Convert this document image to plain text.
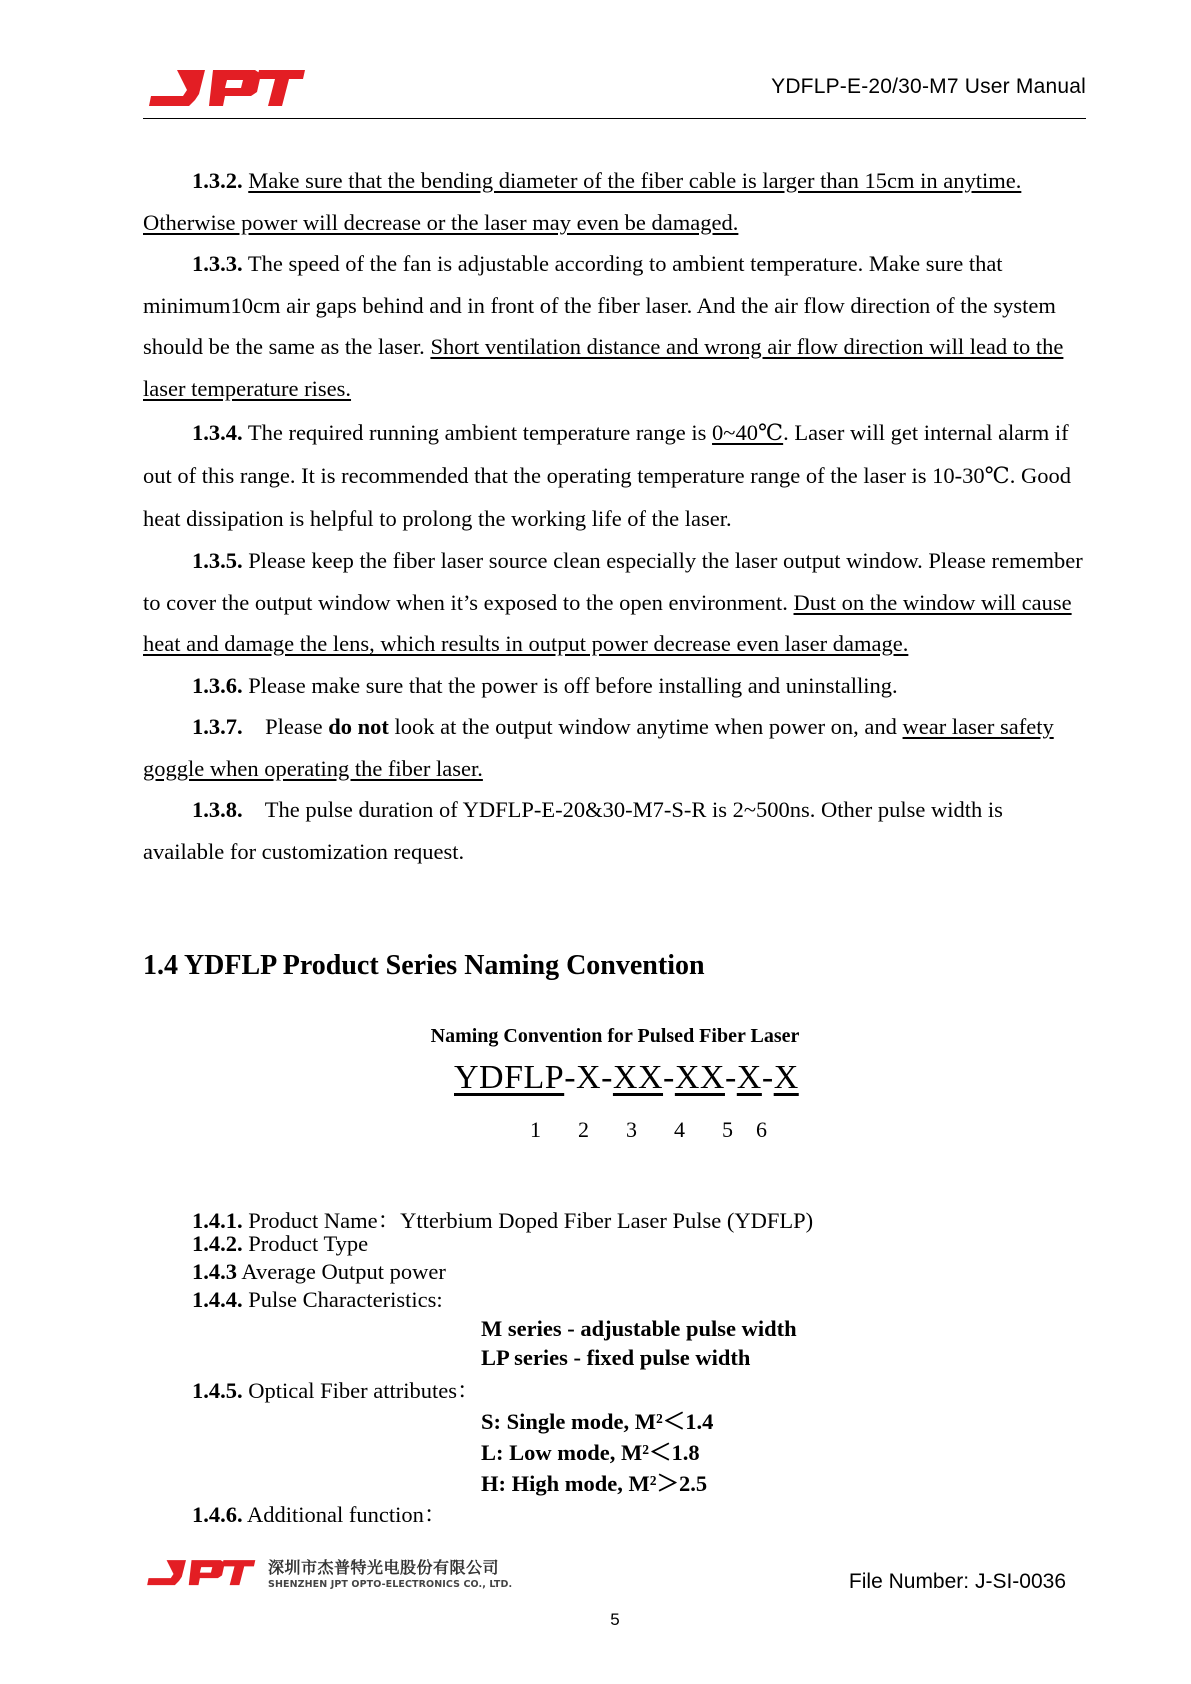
YDFLP-E-20/30-M7 User Manual

1.3.2. Make sure that the bending diameter of the fiber cable is larger than 15cm in anytime. Otherwise power will decrease or the laser may even be damaged.

1.3.3. The speed of the fan is adjustable according to ambient temperature. Make sure that minimum10cm air gaps behind and in front of the fiber laser. And the air flow direction of the system should be the same as the laser. Short ventilation distance and wrong air flow direction will lead to the laser temperature rises.

1.3.4. The required running ambient temperature range is 0~40℃. Laser will get internal alarm if out of this range. It is recommended that the operating temperature range of the laser is 10-30℃. Good heat dissipation is helpful to prolong the working life of the laser.

1.3.5. Please keep the fiber laser source clean especially the laser output window. Please remember to cover the output window when it’s exposed to the open environment. Dust on the window will cause heat and damage the lens, which results in output power decrease even laser damage.

1.3.6. Please make sure that the power is off before installing and uninstalling.

1.3.7. Please do not look at the output window anytime when power on, and wear laser safety goggle when operating the fiber laser.

1.3.8. The pulse duration of YDFLP-E-20&30-M7-S-R is 2~500ns. Other pulse width is available for customization request.

1.4 YDFLP Product Series Naming Convention
Naming Convention for Pulsed Fiber Laser
YDFLP-X-XX-XX-X-X
1 2 3 4 5 6
1.4.1. Product Name：Ytterbium Doped Fiber Laser Pulse (YDFLP)
1.4.2. Product Type
1.4.3 Average Output power
1.4.4. Pulse Characteristics:
M series - adjustable pulse width
LP series - fixed pulse width
1.4.5. Optical Fiber attributes：
S: Single mode, M²＜1.4
L: Low mode, M²＜1.8
H: High mode, M²＞2.5
1.4.6. Additional function：
深圳市杰普特光电股份有限公司
SHENZHEN JPT OPTO-ELECTRONICS CO., LTD.	File Number: J-SI-0036
5
